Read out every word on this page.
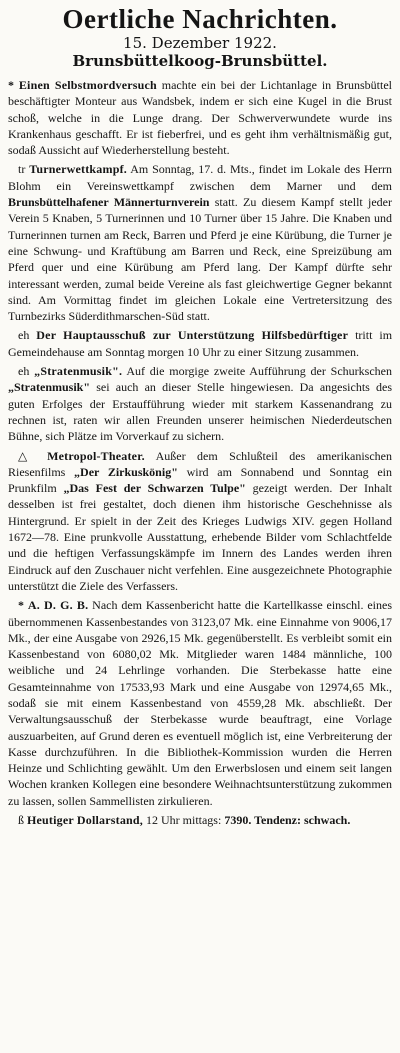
Oertliche Nachrichten.
15. Dezember 1922.
Brunsbüttelkoog-Brunsbüttel.

* Einen Selbstmordversuch machte ein bei der Lichtanlage in Brunsbüttel beschäftigter Monteur aus Wandsbek, indem er sich eine Kugel in die Brust schoß, welche in die Lunge drang. Der Schwerverwundete wurde ins Krankenhaus geschafft. Er ist fieberfrei, und es geht ihm verhältnismäßig gut, sodaß Aussicht auf Wiederherstellung besteht.

tr Turnerwettkampf. Am Sonntag, 17. d. Mts., findet im Lokale des Herrn Blohm ein Vereinswettkampf zwischen dem Marner und dem Brunsbüttelhafener Männerturnverein statt. Zu diesem Kampf stellt jeder Verein 5 Knaben, 5 Turnerinnen und 10 Turner über 15 Jahre. Die Knaben und Turnerinnen turnen am Reck, Barren und Pferd je eine Kürübung, die Turner je eine Schwung- und Kraftübung am Barren und Reck, eine Spreizübung am Pferd quer und eine Kürübung am Pferd lang. Der Kampf dürfte sehr interessant werden, zumal beide Vereine als fast gleichwertige Gegner bekannt sind. Am Vormittag findet im gleichen Lokale eine Vertretersitzung des Turnbezirks Süderdithmarschen-Süd statt.

eh Der Hauptausschuß zur Unterstützung Hilfsbedürftiger tritt im Gemeindehause am Sonntag morgen 10 Uhr zu einer Sitzung zusammen.

eh „Stratenmusik". Auf die morgige zweite Aufführung der Schurkschen „Stratenmusik" sei auch an dieser Stelle hingewiesen. Da angesichts des guten Erfolges der Erstaufführung wieder mit starkem Kassenandrang zu rechnen ist, raten wir allen Freunden unserer heimischen Niederdeutschen Bühne, sich Plätze im Vorverkauf zu sichern.

△ Metropol-Theater. Außer dem Schlußteil des amerikanischen Riesenfilms „Der Zirkuskönig" wird am Sonnabend und Sonntag ein Prunkfilm „Das Fest der Schwarzen Tulpe" gezeigt werden. Der Inhalt desselben ist frei gestaltet, doch dienen ihm historische Geschehnisse als Hintergrund. Er spielt in der Zeit des Krieges Ludwigs XIV. gegen Holland 1672—78. Eine prunkvolle Ausstattung, erhebende Bilder vom Schlachtfelde und die heftigen Verfassungskämpfe im Innern des Landes werden ihren Eindruck auf den Zuschauer nicht verfehlen. Eine ausgezeichnete Photographie unterstützt die Ziele des Verfassers.

* A. D. G. B. Nach dem Kassenbericht hatte die Kartellkasse einschl. eines übernommenen Kassenbestandes von 3123,07 Mk. eine Einnahme von 9006,17 Mk., der eine Ausgabe von 2926,15 Mk. gegenüberstellt. Es verbleibt somit ein Kassenbestand von 6080,02 Mk. Mitglieder waren 1484 männliche, 100 weibliche und 24 Lehrlinge vorhanden. Die Sterbekasse hatte eine Gesamteinnahme von 17533,93 Mark und eine Ausgabe von 12974,65 Mk., sodaß sie mit einem Kassenbestand von 4559,28 Mk. abschließt. Der Verwaltungsausschuß der Sterbekasse wurde beauftragt, eine Vorlage auszuarbeiten, auf Grund deren es eventuell möglich ist, eine Verbreiterung der Kasse durchzuführen. In die Bibliothek-Kommission wurden die Herren Heinze und Schlichting gewählt. Um den Erwerbslosen und einem seit langen Wochen kranken Kollegen eine besondere Weihnachtsunterstützung zukommen zu lassen, sollen Sammellisten zirkulieren.

ß Heutiger Dollarstand, 12 Uhr mittags: 7390. Tendenz: schwach.
